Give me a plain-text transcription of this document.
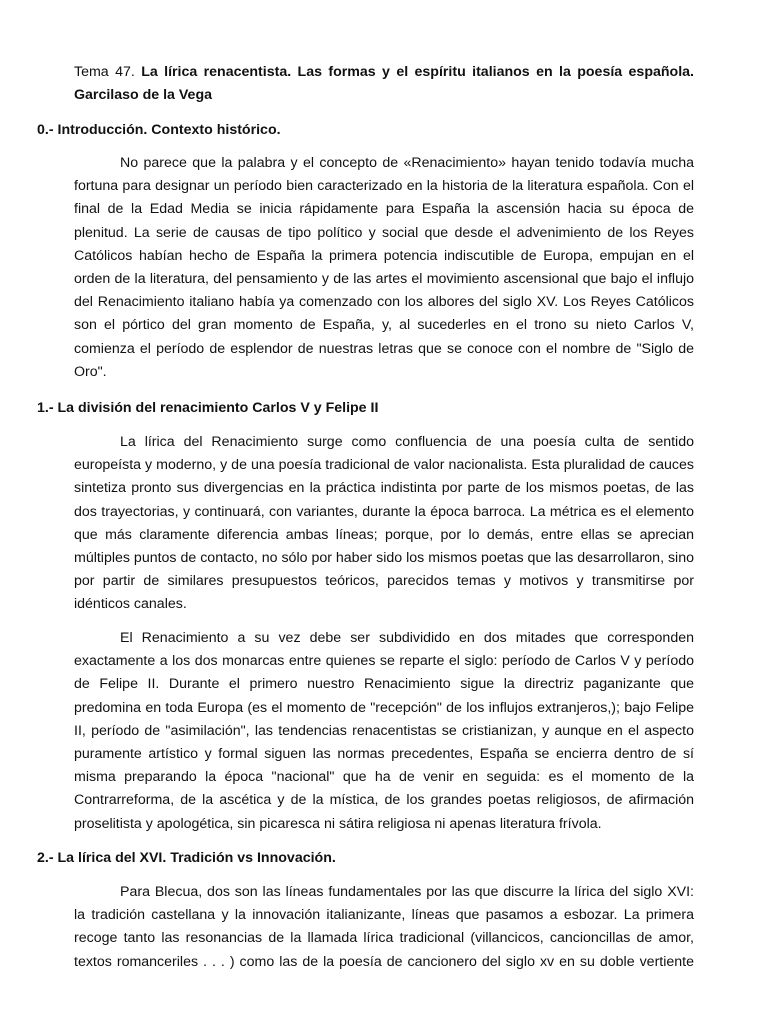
Tema 47. La lírica renacentista. Las formas y el espíritu italianos en la poesía española. Garcilaso de la Vega
0.- Introducción. Contexto histórico.

No parece que la palabra y el concepto de «Renacimiento» hayan tenido todavía mucha fortuna para designar un período bien caracterizado en la historia de la literatura española. Con el final de la Edad Media se inicia rápidamente para España la ascensión hacia su época de plenitud. La serie de causas de tipo político y social que desde el advenimiento de los Reyes Católicos habían hecho de España la primera potencia indiscutible de Europa, empujan en el orden de la literatura, del pensamiento y de las artes el movimiento ascensional que bajo el influjo del Renacimiento italiano había ya comenzado con los albores del siglo XV. Los Reyes Católicos son el pórtico del gran momento de España, y, al sucederles en el trono su nieto Carlos V, comienza el período de esplendor de nuestras letras que se conoce con el nombre de "Siglo de Oro".

1.- La división del renacimiento Carlos V y Felipe II

La lírica del Renacimiento surge como confluencia de una poesía culta de sentido europeísta y moderno, y de una poesía tradicional de valor nacionalista. Esta pluralidad de cauces sintetiza pronto sus divergencias en la práctica indistinta por parte de los mismos poetas, de las dos trayectorias, y continuará, con variantes, durante la época barroca. La métrica es el elemento que más claramente diferencia ambas líneas; porque, por lo demás, entre ellas se aprecian múltiples puntos de contacto, no sólo por haber sido los mismos poetas que las desarrollaron, sino por partir de similares presupuestos teóricos, parecidos temas y motivos y transmitirse por idénticos canales.

El Renacimiento a su vez debe ser subdividido en dos mitades que corresponden exactamente a los dos monarcas entre quienes se reparte el siglo: período de Carlos V y período de Felipe II. Durante el primero nuestro Renacimiento sigue la directriz paganizante que predomina en toda Europa (es el momento de "recepción" de los influjos extranjeros,); bajo Felipe II, período de "asimilación", las tendencias renacentistas se cristianizan, y aunque en el aspecto puramente artístico y formal siguen las normas precedentes, España se encierra dentro de sí misma preparando la época "nacional" que ha de venir en seguida: es el momento de la Contrarreforma, de la ascética y de la mística, de los grandes poetas religiosos, de afirmación proselitista y apologética, sin picaresca ni sátira religiosa ni apenas literatura frívola.

2.- La lírica del XVI. Tradición vs Innovación.

Para Blecua, dos son las líneas fundamentales por las que discurre la lírica del siglo XVI: la tradición castellana y la innovación italianizante, líneas que pasamos a esbozar. La primera recoge tanto las resonancias de la llamada lírica tradicional (villancicos, cancioncillas de amor, textos romanceriles . . . ) como las de la poesía de cancionero del siglo xv en su doble vertiente
